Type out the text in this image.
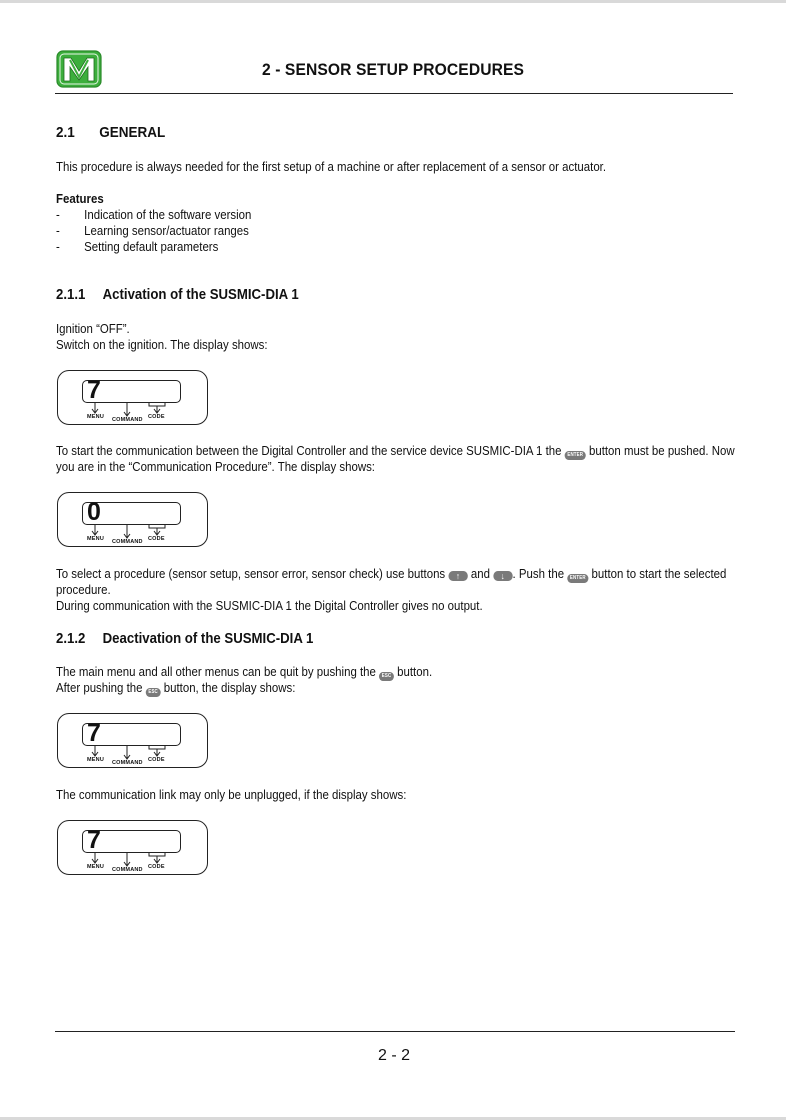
2 - SENSOR SETUP PROCEDURES
2.1 GENERAL
This procedure is always needed for the first setup of a machine or after replacement of a sensor or actuator.
Features
- Indication of the software version
- Learning sensor/actuator ranges
- Setting default parameters
2.1.1 Activation of the SUSMIC-DIA 1
Ignition “OFF”.
Switch on the ignition. The display shows:
7
MENU COMMAND CODE
To start the communication between the Digital Controller and the service device SUSMIC-DIA 1 the ENTER button must be pushed. Now
you are in the “Communication Procedure”. The display shows:
0
MENU COMMAND CODE
To select a procedure (sensor setup, sensor error, sensor check) use buttons ↑ and ↓ . Push the ENTER button to start the selected
procedure.
During communication with the SUSMIC-DIA 1 the Digital Controller gives no output.
2.1.2 Deactivation of the SUSMIC-DIA 1
The main menu and all other menus can be quit by pushing the ESC button.
After pushing the ESC button, the display shows:
7
MENU COMMAND CODE
The communication link may only be unplugged, if the display shows:
7
MENU COMMAND CODE
2 - 2
